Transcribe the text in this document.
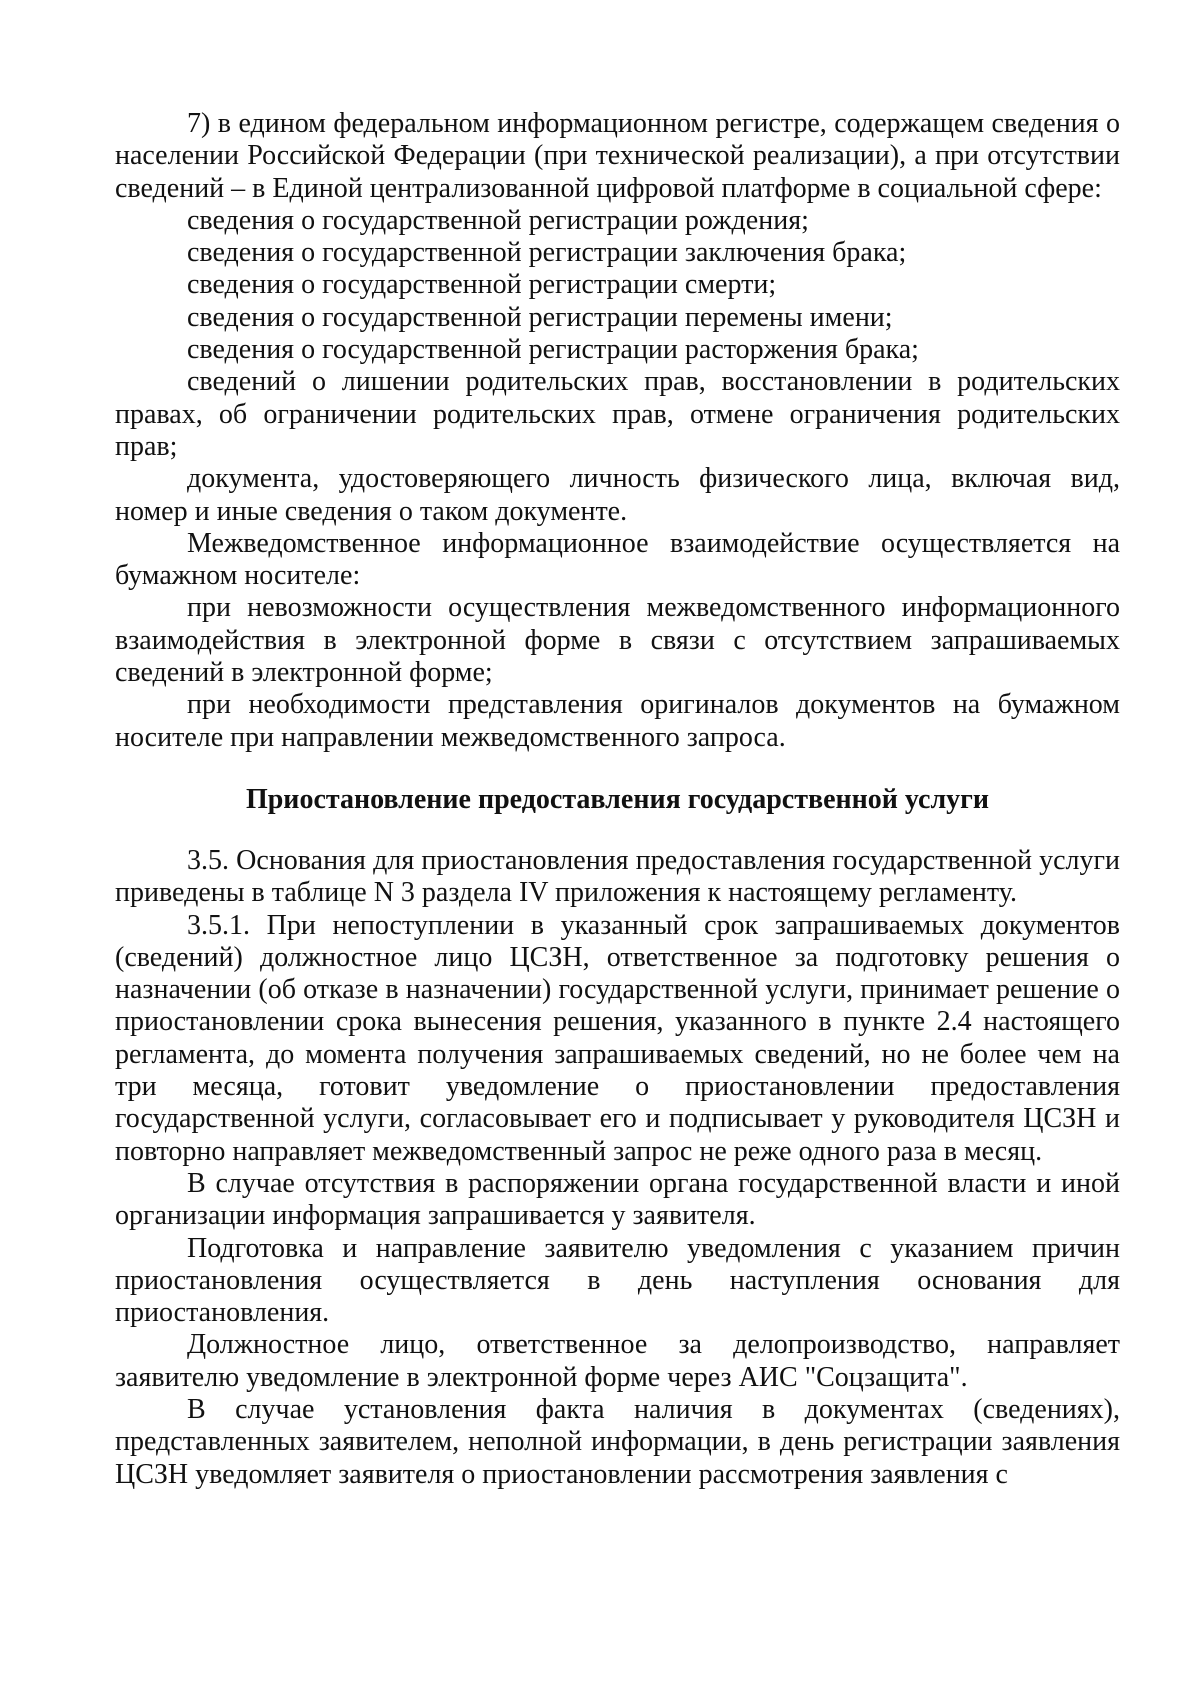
7) в едином федеральном информационном регистре, содержащем сведения о населении Российской Федерации (при технической реализации), а при отсутствии сведений – в Единой централизованной цифровой платформе в социальной сфере:

сведения о государственной регистрации рождения;

сведения о государственной регистрации заключения брака;

сведения о государственной регистрации смерти;

сведения о государственной регистрации перемены имени;

сведения о государственной регистрации расторжения брака;

сведений о лишении родительских прав, восстановлении в родительских правах, об ограничении родительских прав, отмене ограничения родительских прав;

документа, удостоверяющего личность физического лица, включая вид, номер и иные сведения о таком документе.

Межведомственное информационное взаимодействие осуществляется на бумажном носителе:

при невозможности осуществления межведомственного информационного взаимодействия в электронной форме в связи с отсутствием запрашиваемых сведений в электронной форме;

при необходимости представления оригиналов документов на бумажном носителе при направлении межведомственного запроса.

Приостановление предоставления государственной услуги

3.5. Основания для приостановления предоставления государственной услуги приведены в таблице N 3 раздела IV приложения к настоящему регламенту.

3.5.1. При непоступлении в указанный срок запрашиваемых документов (сведений) должностное лицо ЦСЗН, ответственное за подготовку решения о назначении (об отказе в назначении) государственной услуги, принимает решение о приостановлении срока вынесения решения, указанного в пункте 2.4 настоящего регламента, до момента получения запрашиваемых сведений, но не более чем на три месяца, готовит уведомление о приостановлении предоставления государственной услуги, согласовывает его и подписывает у руководителя ЦСЗН и повторно направляет межведомственный запрос не реже одного раза в месяц.

В случае отсутствия в распоряжении органа государственной власти и иной организации информация запрашивается у заявителя.

Подготовка и направление заявителю уведомления с указанием причин приостановления осуществляется в день наступления основания для приостановления.

Должностное лицо, ответственное за делопроизводство, направляет заявителю уведомление в электронной форме через АИС "Соцзащита".

В случае установления факта наличия в документах (сведениях), представленных заявителем, неполной информации, в день регистрации заявления ЦСЗН уведомляет заявителя о приостановлении рассмотрения заявления с
